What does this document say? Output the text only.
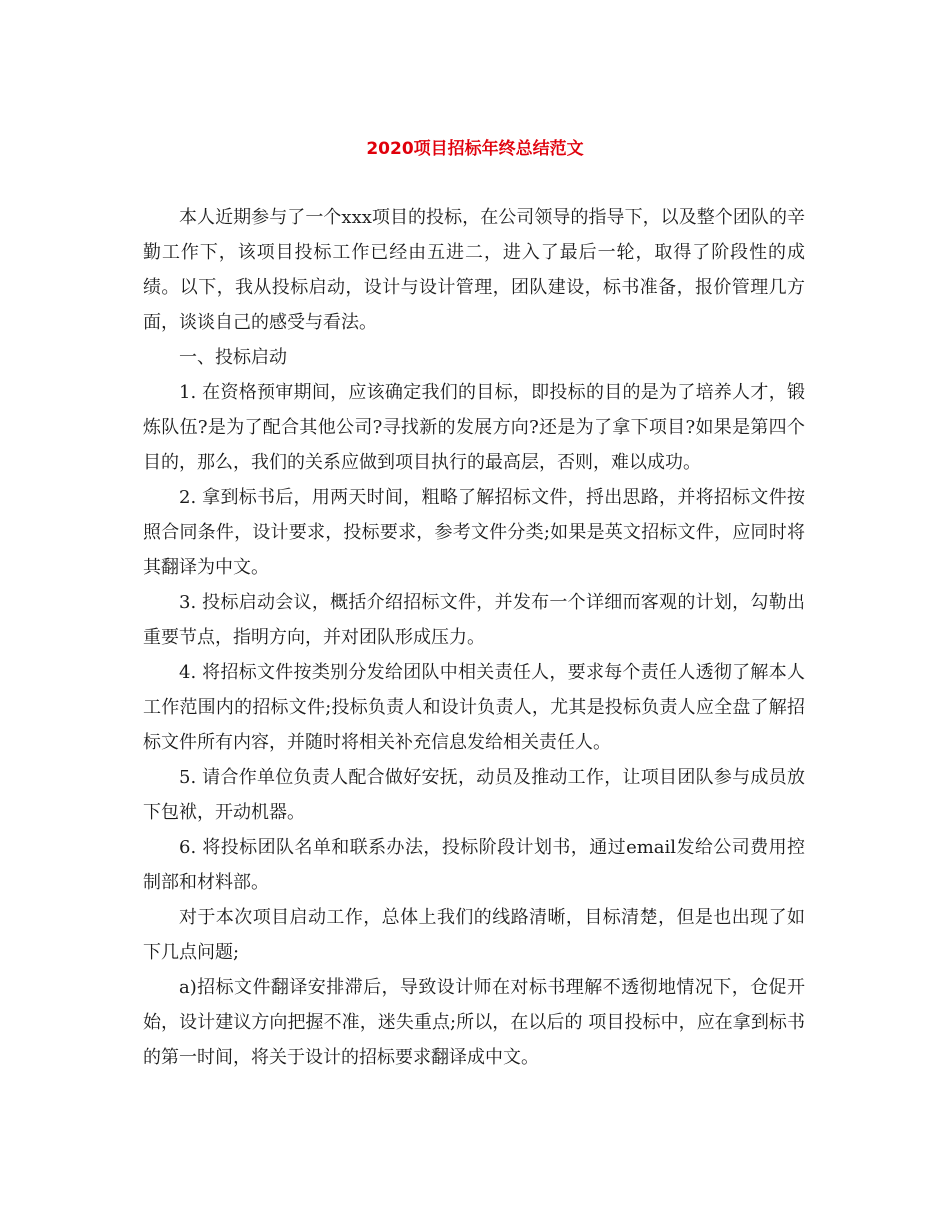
2020项目招标年终总结范文

本人近期参与了一个xxx项目的投标，在公司领导的指导下，以及整个团队的辛勤工作下，该项目投标工作已经由五进二，进入了最后一轮，取得了阶段性的成绩。以下，我从投标启动，设计与设计管理，团队建设，标书准备，报价管理几方面，谈谈自己的感受与看法。

一、投标启动

1. 在资格预审期间，应该确定我们的目标，即投标的目的是为了培养人才，锻炼队伍?是为了配合其他公司?寻找新的发展方向?还是为了拿下项目?如果是第四个目的，那么，我们的关系应做到项目执行的最高层，否则，难以成功。

2. 拿到标书后，用两天时间，粗略了解招标文件，捋出思路，并将招标文件按照合同条件，设计要求，投标要求，参考文件分类;如果是英文招标文件，应同时将其翻译为中文。

3. 投标启动会议，概括介绍招标文件，并发布一个详细而客观的计划，勾勒出重要节点，指明方向，并对团队形成压力。

4. 将招标文件按类别分发给团队中相关责任人，要求每个责任人透彻了解本人工作范围内的招标文件;投标负责人和设计负责人，尤其是投标负责人应全盘了解招标文件所有内容，并随时将相关补充信息发给相关责任人。

5. 请合作单位负责人配合做好安抚，动员及推动工作，让项目团队参与成员放下包袱，开动机器。

6. 将投标团队名单和联系办法，投标阶段计划书，通过email发给公司费用控制部和材料部。

对于本次项目启动工作，总体上我们的线路清晰，目标清楚，但是也出现了如下几点问题;

a)招标文件翻译安排滞后，导致设计师在对标书理解不透彻地情况下，仓促开始，设计建议方向把握不准，迷失重点;所以，在以后的 项目投标中，应在拿到标书的第一时间，将关于设计的招标要求翻译成中文。
